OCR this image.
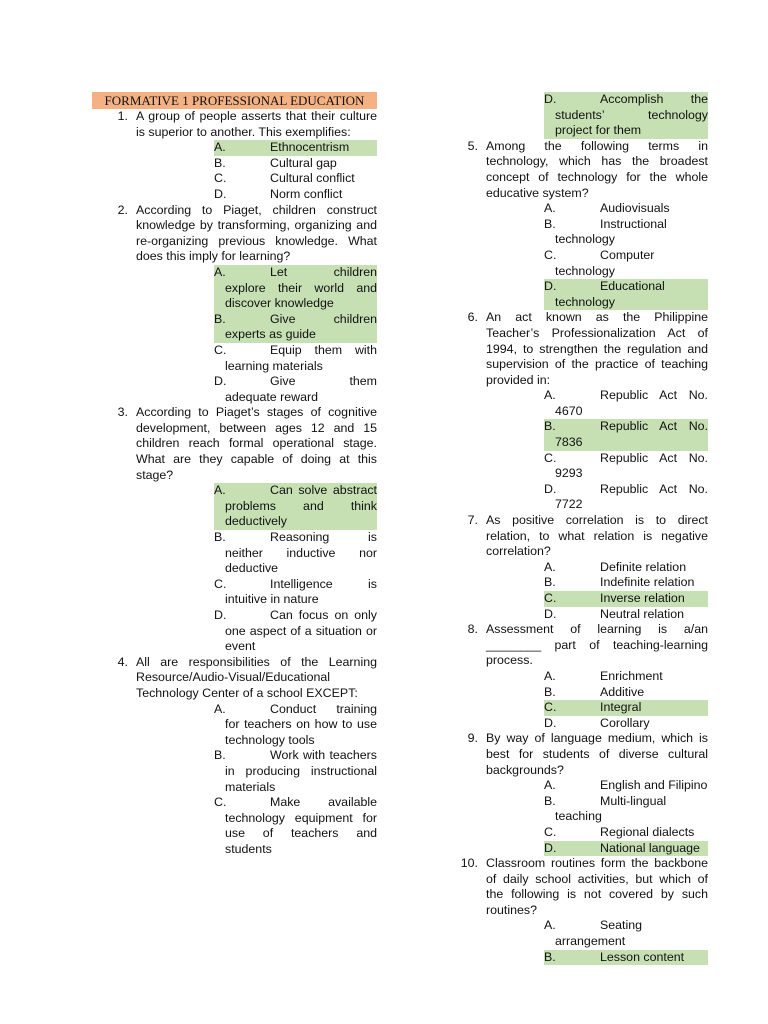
FORMATIVE 1 PROFESSIONAL EDUCATION
1. A group of people asserts that their culture is superior to another. This exemplifies:
A.	Ethnocentrism
B.	Cultural gap
C.	Cultural conflict
D.	Norm conflict
2. According to Piaget, children construct knowledge by transforming, organizing and re-organizing previous knowledge. What does this imply for learning?
A.	Let children explore their world and discover knowledge
B.	Give children experts as guide
C.	Equip them with learning materials
D.	Give them adequate reward
3. According to Piaget’s stages of cognitive development, between ages 12 and 15 children reach formal operational stage. What are they capable of doing at this stage?
A.	Can solve abstract problems and think deductively
B.	Reasoning is neither inductive nor deductive
C.	Intelligence is intuitive in nature
D.	Can focus on only one aspect of a situation or event
4. All are responsibilities of the Learning Resource/Audio-Visual/Educational Technology Center of a school EXCEPT:
A.	Conduct training for teachers on how to use technology tools
B.	Work with teachers in producing instructional materials
C.	Make available technology equipment for use of teachers and students
D.	Accomplish the students’ technology project for them
5. Among the following terms in technology, which has the broadest concept of technology for the whole educative system?
A.	Audiovisuals
B.	Instructional technology
C.	Computer technology
D.	Educational technology
6. An act known as the Philippine Teacher’s Professionalization Act of 1994, to strengthen the regulation and supervision of the practice of teaching provided in:
A.	Republic Act No. 4670
B.	Republic Act No. 7836
C.	Republic Act No. 9293
D.	Republic Act No. 7722
7. As positive correlation is to direct relation, to what relation is negative correlation?
A.	Definite relation
B.	Indefinite relation
C.	Inverse relation
D.	Neutral relation
8. Assessment of learning is a/an ________ part of teaching-learning process.
A.	Enrichment
B.	Additive
C.	Integral
D.	Corollary
9. By way of language medium, which is best for students of diverse cultural backgrounds?
A.	English and Filipino
B.	Multi-lingual teaching
C.	Regional dialects
D.	National language
10. Classroom routines form the backbone of daily school activities, but which of the following is not covered by such routines?
A.	Seating arrangement
B.	Lesson content
